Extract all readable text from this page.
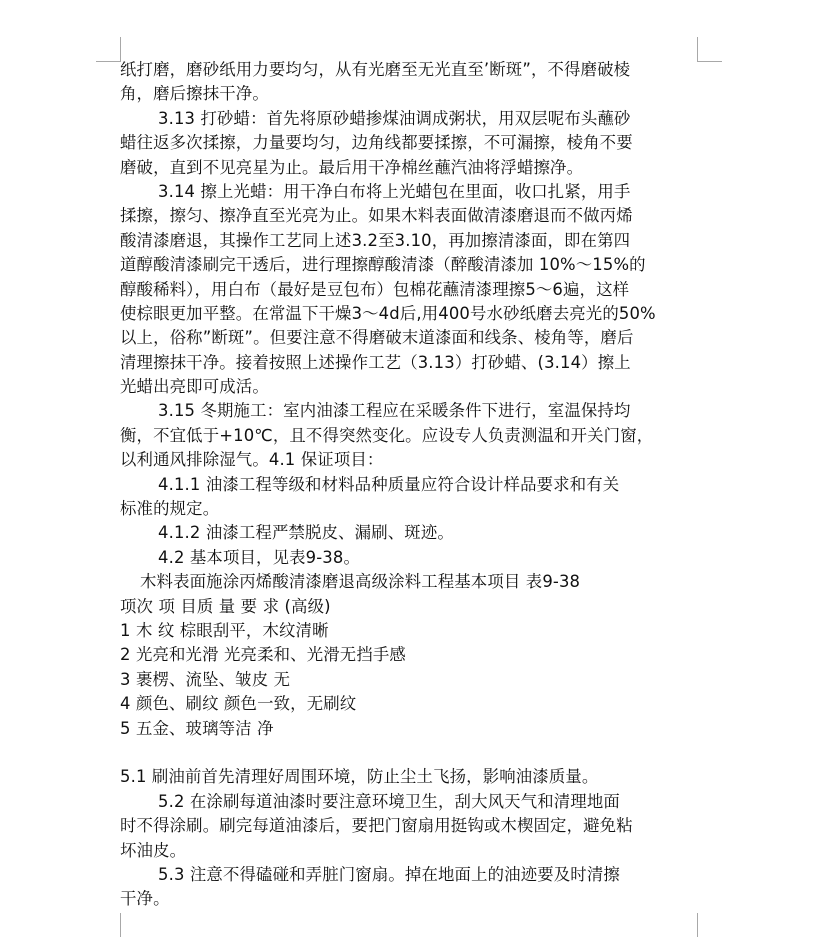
纸打磨，磨砂纸用力要均匀，从有光磨至无光直至’断斑”，不得磨破棱
角，磨后擦抹干净。
3.13 打砂蜡：首先将原砂蜡掺煤油调成粥状，用双层呢布头蘸砂
蜡往返多次揉擦，力量要均匀，边角线都要揉擦，不可漏擦，棱角不要
磨破，直到不见亮星为止。最后用干净棉丝蘸汽油将浮蜡擦净。
3.14 擦上光蜡：用干净白布将上光蜡包在里面，收口扎紧，用手
揉擦，擦匀、擦净直至光亮为止。如果木料表面做清漆磨退而不做丙烯
酸清漆磨退，其操作工艺同上述3.2至3.10，再加擦清漆面，即在第四
道醇酸清漆刷完干透后，进行理擦醇酸清漆（醉酸清漆加 10%～15%的
醇酸稀料），用白布（最好是豆包布）包棉花蘸清漆理擦5～6遍，这样
使棕眼更加平整。在常温下干燥3～4d后,用400号水砂纸磨去亮光的50%
以上，俗称”断斑”。但要注意不得磨破末道漆面和线条、棱角等，磨后
清理擦抹干净。接着按照上述操作工艺（3.13）打砂蜡、(3.14）擦上
光蜡出亮即可成活。
3.15 冬期施工：室内油漆工程应在采暖条件下进行，室温保持均
衡，不宜低于+10℃，且不得突然变化。应设专人负责测温和开关门窗，
以利通风排除湿气。4.1 保证项目：
4.1.1 油漆工程等级和材料品种质量应符合设计样品要求和有关
标准的规定。
4.1.2 油漆工程严禁脱皮、漏刷、斑迹。
4.2 基本项目，见表9-38。
木料表面施涂丙烯酸清漆磨退高级涂料工程基本项目 表9-38
项次 项 目质 量 要 求 (高级)
1 木 纹 棕眼刮平，木纹清晰
2 光亮和光滑 光亮柔和、光滑无挡手感
3 裹楞、流坠、皱皮 无
4 颜色、刷纹 颜色一致，无刷纹
5 五金、玻璃等洁 净
5.1 刷油前首先清理好周围环境，防止尘土飞扬，影响油漆质量。
5.2 在涂刷每道油漆时要注意环境卫生，刮大风天气和清理地面
时不得涂刷。刷完每道油漆后，要把门窗扇用挺钩或木楔固定，避免粘
坏油皮。
5.3 注意不得磕碰和弄脏门窗扇。掉在地面上的油迹要及时清擦
干净。
